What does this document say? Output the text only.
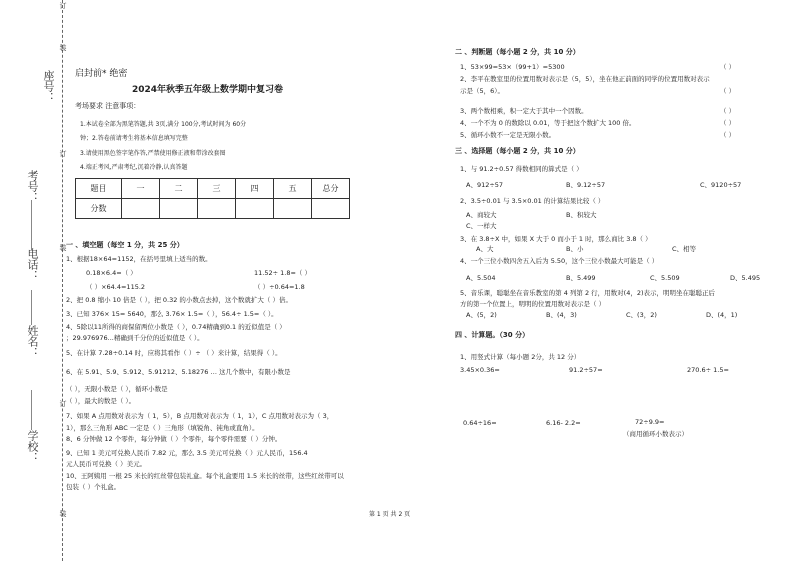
订
装
订
装
订
装
考号：
座号：
学校：
姓名：
电话：
启封前* 绝密
2024年秋季五年级上数学期中复习卷
考场要求 注意事项：
1.本试卷全部为黑笔答题,共 3页,满分 100分,考试时间为 60分
钟；2.答卷前请考生将基本信息填写完整
3.请使用黑色签字笔作答,严禁使用修正液和带涂改套图
4.端正考风,严肃考纪,沉着冷静,认真答题
题目	一	二	三	四	五	总分
分数						
一 、填空题（每空 1 分，共 25 分）
1、根据18×64=1152，在括号里填上适当的数。
0.18×6.4=（ ）	11.52÷ 1.8=（ ）
（ ）×64.4=115.2	（ ）÷0.64=1.8
2、把 0.8 缩小 10 倍是（ ），把 0.32 的小数点去掉，这个数就扩大（ ）倍。
3、已知 376× 15= 5640，那么 3.76× 1.5=（ ），56.4÷ 1.5=（ ）。
4、5除以11所得的商保留两位小数是（ ），0.74精确到0.1 的近似值是（ ）
；29.976976...精确到千分位的近似值是（ ）。
5、在计算 7.28÷0.14 时，应将其看作（ ）÷ （ ）来计算，结果得（ ）。
6、在 5.91、5.9、5.912、5.91212、5.18276 … 这几个数中，有限小数是
（ ），无限小数是（ ），循环小数是
（ ），最大的数是（ ）。
7、如果 A 点用数对表示为（ 1，5），B 点用数对表示为（ 1，1），C 点用数对表示为（ 3，
1），那么三角形 ABC 一定是（ ）三角形（填锐角、钝角或直角）。
8、6 分钟做 12 个零件，每分钟做（ ）个零件，每个零件需要（ ）分钟。
9、已知 1 美元可兑换人民币 7.82 元，那么 3.5 美元可兑换（ ）元人民币，156.4
元人民币可兑换（ ）美元。
10、王阿姨用 一根 25 米长的红丝带包装礼盒。每个礼盒要用 1.5 米长的丝带，这些红丝带可以
包装（ ）个礼盒。
二 、判断题（每小题 2 分，共 10 分）
1、53×99=53×（99+1）=5300	（ ）
2、李平在教室里的位置用数对表示是（5，5），坐在他正前面的同学的位置用数对表示
示是（5，6）。	（ ）
3、两个数相乘，积一定大于其中一个因数。	（ ）
4、一个不为 0 的数除以 0.01，等于把这个数扩大 100 倍。	（ ）
5、循环小数不一定是无限小数。	（ ）
三 、选择题（每小题 2 分，共 10 分）
1、与 91.2÷0.57 得数相同的算式是（ ）
A、912÷57	B、9.12÷57	C、9120÷57
2、3.5÷0.01 与 3.5×0.01 的计算结果比较（ ）
A、商较大	B、积较大
C、一样大
3、在 3.8÷X 中，如果 X 大于 0 而小于 1 时，那么商比 3.8（ ）
A、大	B、小	C、相等
4、一个三位小数四舍五入后为 5.50，这个三位小数最大可能是（ ）
A、5.504	B、5.499	C、5.509	D、5.495
5、音乐课，聪聪坐在音乐教室的第 4 列第 2 行，用数对(4，2)表示，明明坐在聪聪正后
方的第一个位置上，明明的位置用数对表示是（ ）
A、(5，2)	B、(4，3)	C、(3，2)	D、(4，1)
四 、计算题。（30 分）
1、用竖式计算（每小题 2分，共 12 分）
3.45×0.36=	91.2÷57=	270.6÷ 1.5=
0.64÷16=	6.16- 2.2=	72÷9.9=
（商用循环小数表示）
第 1 页 共 2 页
